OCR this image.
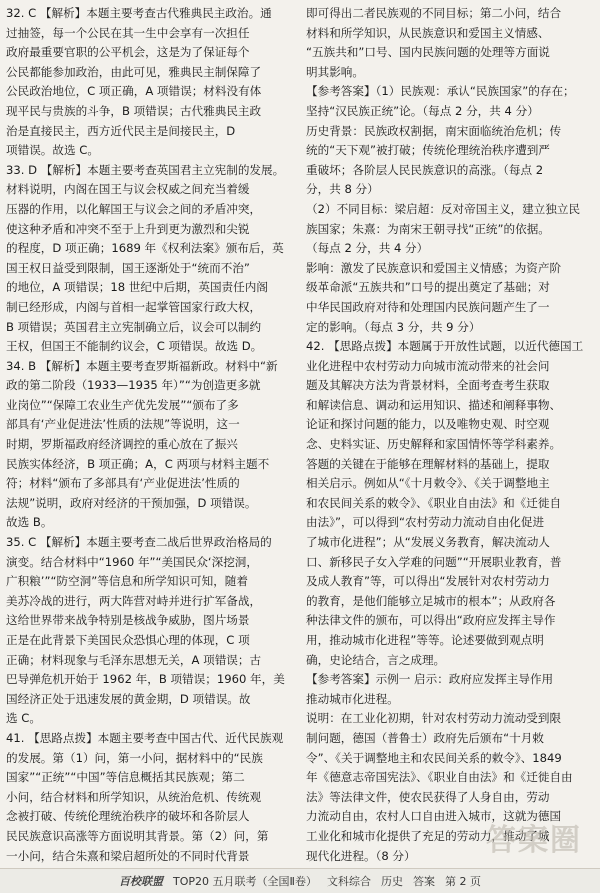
32. C 【解析】本题主要考查古代雅典民主政治。通
过抽签，每一个公民在其一生中会享有一次担任
政府最重要官职的公平机会，这是为了保证每个
公民都能参加政治，由此可见，雅典民主制保障了
公民政治地位，C 项正确，A 项错误；材料没有体
现平民与贵族的斗争，B 项错误；古代雅典民主政
治是直接民主，西方近代民主是间接民主，D
项错误。故选 C。
33. D 【解析】本题主要考查英国君主立宪制的发展。
材料说明，内阁在国王与议会权威之间充当着缓
压器的作用，以化解国王与议会之间的矛盾冲突，
使这种矛盾和冲突不至于上升到更为激烈和尖锐
的程度，D 项正确；1689 年《权利法案》颁布后，英
国王权日益受到限制，国王逐渐处于“统而不治”
的地位，A 项错误；18 世纪中后期，英国责任内阁
制已经形成，内阁与首相一起掌管国家行政大权，
B 项错误；英国君主立宪制确立后，议会可以制约
王权，但国王不能制约议会，C 项错误。故选 D。
34. B 【解析】本题主要考查罗斯福新政。材料中“新
政的第二阶段（1933—1935 年）”“为创造更多就
业岗位”“保障工农业生产优先发展”“颁布了多
部具有‘产业促进法’性质的法规”等说明，这一
时期，罗斯福政府经济调控的重心放在了振兴
民族实体经济，B 项正确；A，C 两项与材料主题不
符；材料“颁布了多部具有‘产业促进法’性质的
法规”说明，政府对经济的干预加强，D 项错误。
故选 B。
35. C 【解析】本题主要考查二战后世界政治格局的
演变。结合材料中“1960 年”“美国民众‘深挖洞，
广积粮’”“防空洞”等信息和所学知识可知，随着
美苏冷战的进行，两大阵营对峙并进行扩军备战，
这给世界带来战争特别是核战争威胁，图片场景
正是在此背景下美国民众恐惧心理的体现，C 项
正确；材料现象与毛泽东思想无关，A 项错误；古
巴导弹危机开始于 1962 年，B 项错误；1960 年，美
国经济正处于迅速发展的黄金期，D 项错误。故
选 C。
41. 【思路点拨】本题主要考查中国古代、近代民族观
的发展。第（1）问，第一小问，据材料中的“民族
国家”“正统”“中国”等信息概括其民族观；第二
小问，结合材料和所学知识，从统治危机、传统观
念被打破、传统伦理统治秩序的破坏和各阶层人
民民族意识高涨等方面说明其背景。第（2）问，第
一小问，结合朱熹和梁启超所处的不同时代背景
即可得出二者民族观的不同目标；第二小问，结合
材料和所学知识，从民族意识和爱国主义情感、
“五族共和”口号、国内民族问题的处理等方面说
明其影响。
【参考答案】（1）民族观：承认“民族国家”的存在；
坚持“汉民族正统”论。（每点 2 分，共 4 分）
历史背景：民族政权割据，南宋面临统治危机；传
统的“天下观”被打破；传统伦理统治秩序遭到严
重破坏；各阶层人民民族意识的高涨。（每点 2
分，共 8 分）
（2）不同目标：梁启超：反对帝国主义，建立独立民
族国家；朱熹：为南宋王朝寻找“正统”的依据。
（每点 2 分，共 4 分）
影响：激发了民族意识和爱国主义情感；为资产阶
级革命派“五族共和”口号的提出奠定了基础；对
中华民国政府对待和处理国内民族问题产生了一
定的影响。（每点 3 分，共 9 分）
42. 【思路点拨】本题属于开放性试题，以近代德国工
业化进程中农村劳动力向城市流动带来的社会问
题及其解决方法为背景材料，全面考查考生获取
和解读信息、调动和运用知识、描述和阐释事物、
论证和探讨问题的能力，以及唯物史观、时空观
念、史料实证、历史解释和家国情怀等学科素养。
答题的关键在于能够在理解材料的基础上，提取
相关启示。例如从“《十月敕令》、《关于调整地主
和农民间关系的敕令》、《职业自由法》和《迁徙自
由法》”，可以得到“农村劳动力流动自由化促进
了城市化进程”；从“发展义务教育，解决流动人
口、新移民子女入学难的问题”“开展职业教育，普
及成人教育”等，可以得出“发展针对农村劳动力
的教育，是他们能够立足城市的根本”；从政府各
种法律文件的颁布，可以得出“政府应发挥主导作
用，推动城市化进程”等等。论述要做到观点明
确，史论结合，言之成理。
【参考答案】示例一 启示：政府应发挥主导作用
推动城市化进程。
说明：在工业化初期，针对农村劳动力流动受到限
制问题，德国（普鲁士）政府先后颁布“十月敕
令”、《关于调整地主和农民间关系的敕令》、1849
年《德意志帝国宪法》、《职业自由法》和《迁徙自由
法》等法律文件，使农民获得了人身自由，劳动
力流动自由，农村人口自由进入城市，这就为德国
工业化和城市化提供了充足的劳动力，推动了城
现代化进程。（8 分）	答案圈
百校联盟 TOP20 五月联考（全国Ⅱ卷） 文科综合 历史 答案 第 2 页
